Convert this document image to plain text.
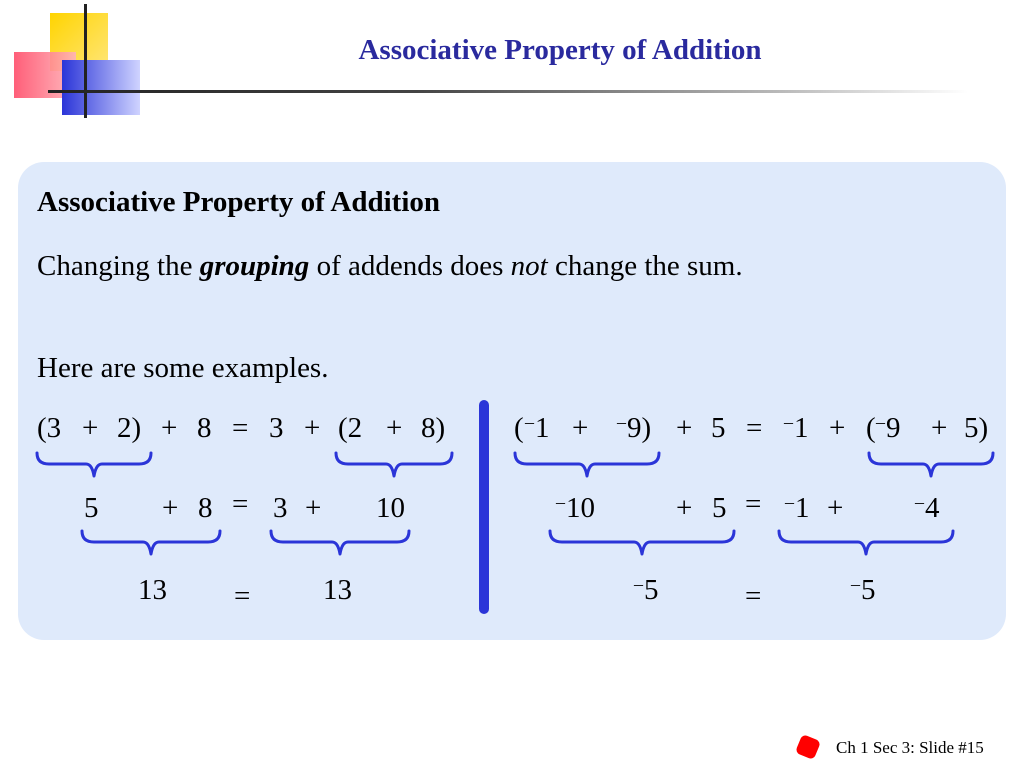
Associative Property of Addition
Associative Property of Addition
Changing the grouping of addends does not change the sum.
Here are some examples.
(3 + 2) + 8 = 3 + (2 + 8)
5 + 8 = 3 + 10
13 =	13
( –1 + –9) + 5 = –1 + ( –9 + 5)
–10	+ 5 = –1 +	–4
–5	=	–5
Ch 1 Sec 3: Slide #15
